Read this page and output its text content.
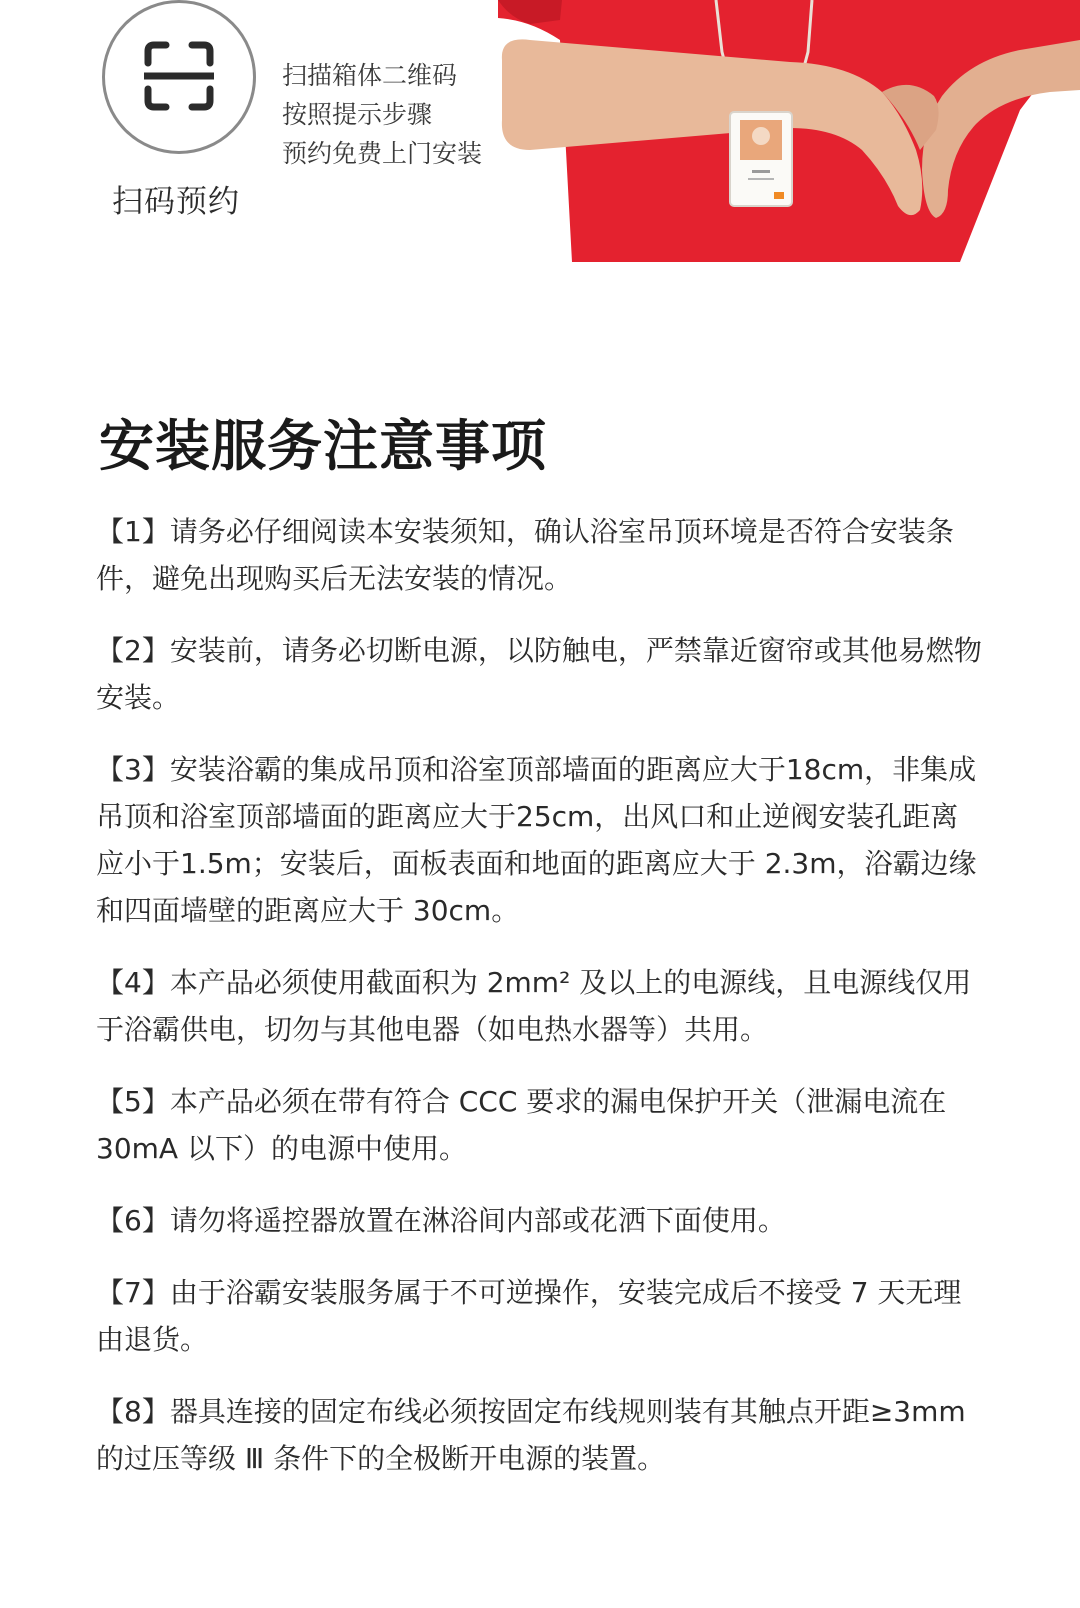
扫码预约
扫描箱体二维码
按照提示步骤
预约免费上门安装
安装服务注意事项

【1】请务必仔细阅读本安装须知，确认浴室吊顶环境是否符合安装条件，避免出现购买后无法安装的情况。

【2】安装前，请务必切断电源，以防触电，严禁靠近窗帘或其他易燃物安装。

【3】安装浴霸的集成吊顶和浴室顶部墙面的距离应大于18cm，非集成吊顶和浴室顶部墙面的距离应大于25cm，出风口和止逆阀安装孔距离应小于1.5m；安装后，面板表面和地面的距离应大于 2.3m，浴霸边缘和四面墙壁的距离应大于 30cm。

【4】本产品必须使用截面积为 2mm² 及以上的电源线，且电源线仅用于浴霸供电，切勿与其他电器（如电热水器等）共用。

【5】本产品必须在带有符合 CCC 要求的漏电保护开关（泄漏电流在 30mA 以下）的电源中使用。

【6】请勿将遥控器放置在淋浴间内部或花洒下面使用。

【7】由于浴霸安装服务属于不可逆操作，安装完成后不接受 7 天无理由退货。

【8】器具连接的固定布线必须按固定布线规则装有其触点开距≥3mm的过压等级 Ⅲ 条件下的全极断开电源的装置。
